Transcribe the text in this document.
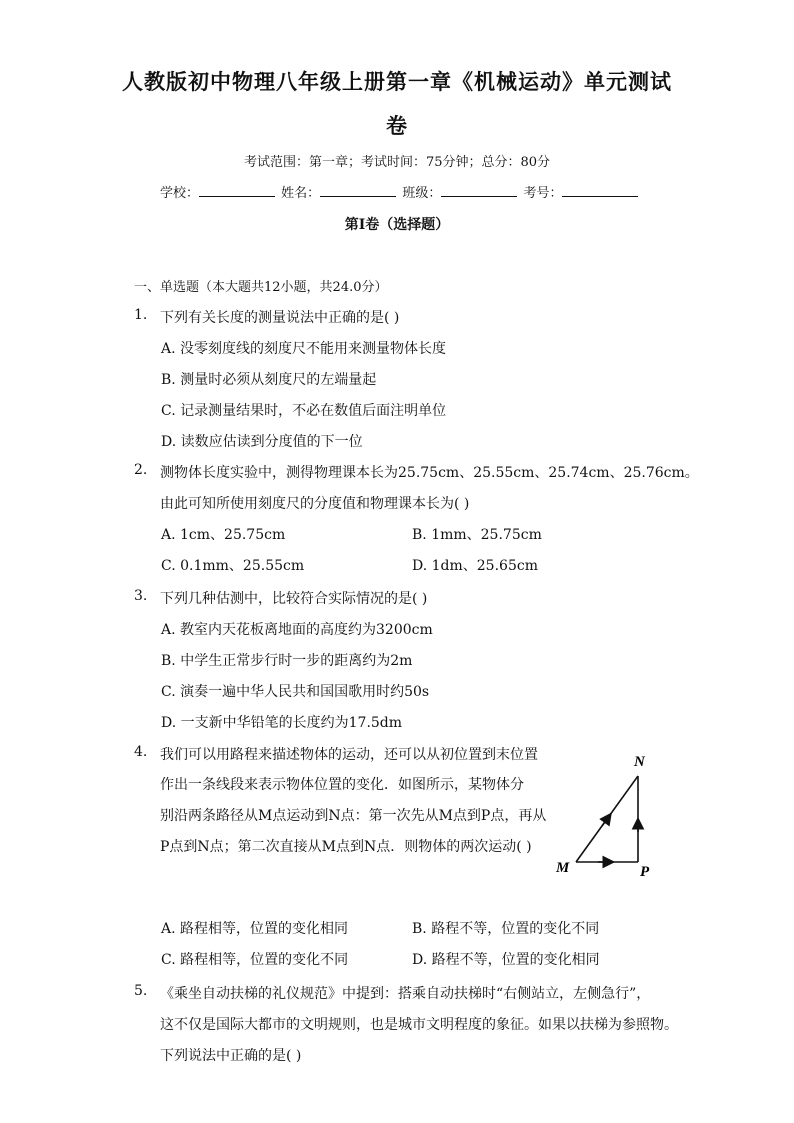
人教版初中物理八年级上册第一章《机械运动》单元测试
卷
考试范围：第一章；考试时间：75分钟；总分：80分
学校：	姓名：	班级：	考号：
第I卷（选择题）
一、单选题（本大题共12小题，共24.0分）
1. 下列有关长度的测量说法中正确的是( )
A. 没零刻度线的刻度尺不能用来测量物体长度
B. 测量时必须从刻度尺的左端量起
C. 记录测量结果时，不必在数值后面注明单位
D. 读数应估读到分度值的下一位
2. 测物体长度实验中，测得物理课本长为25.75cm、25.55cm、25.74cm、25.76cm。
由此可知所使用刻度尺的分度值和物理课本长为( )
A. 1cm、25.75cm	B. 1mm、25.75cm
C. 0.1mm、25.55cm	D. 1dm、25.65cm
3. 下列几种估测中，比较符合实际情况的是( )
A. 教室内天花板离地面的高度约为3200cm
B. 中学生正常步行时一步的距离约为2m
C. 演奏一遍中华人民共和国国歌用时约50s
D. 一支新中华铅笔的长度约为17.5dm
4. 我们可以用路程来描述物体的运动，还可以从初位置到末位置
作出一条线段来表示物体位置的变化．如图所示，某物体分
别沿两条路径从M点运动到N点：第一次先从M点到P点，再从
P点到N点；第二次直接从M点到N点．则物体的两次运动( )
N
M	P
A. 路程相等，位置的变化相同	B. 路程不等，位置的变化不同
C. 路程相等，位置的变化不同	D. 路程不等，位置的变化相同
5. 《乘坐自动扶梯的礼仪规范》中提到：搭乘自动扶梯时“右侧站立，左侧急行”，
这不仅是国际大都市的文明规则，也是城市文明程度的象征。如果以扶梯为参照物。
下列说法中正确的是( )
